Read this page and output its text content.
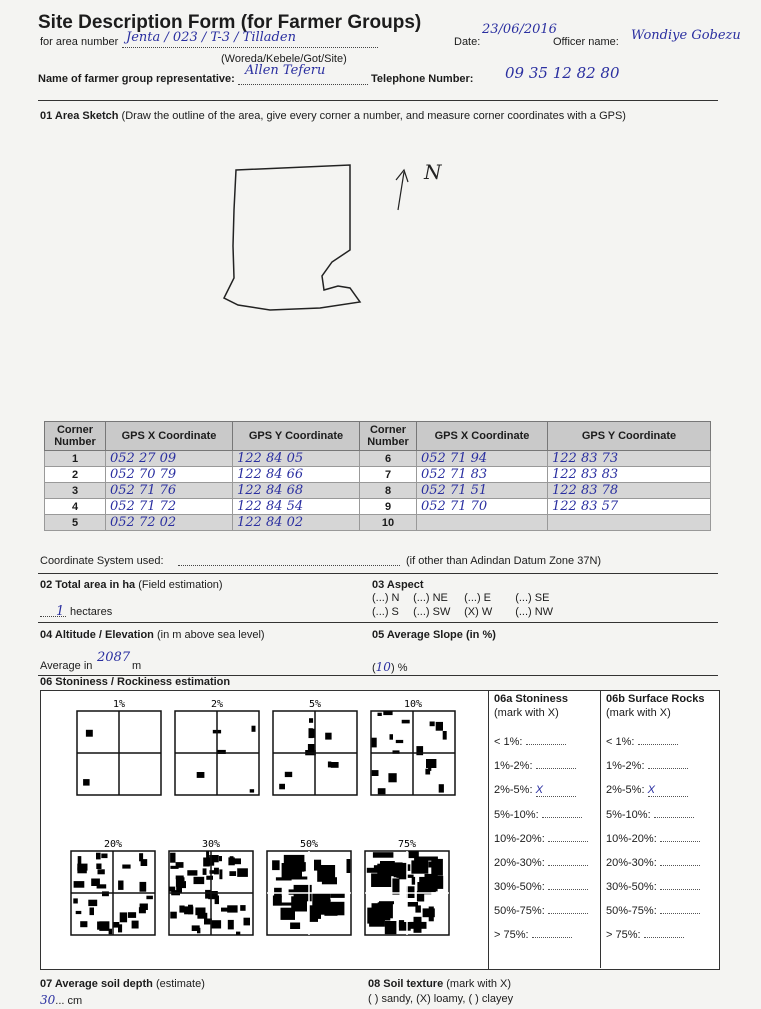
Site Description Form (for Farmer Groups)
for area number Jenta / 023 / T-3 / Tilladen
(Woreda/Kebele/Got/Site)
Date:
23/06/2016
Officer name: Wondiye Gobezu
Name of farmer group representative:
Allen Teferu
Telephone Number: 09 35 12 82 80
01 Area Sketch (Draw the outline of the area, give every corner a number, and measure corner coordinates with a GPS)
N
Corner Number	GPS X Coordinate	GPS Y Coordinate	Corner Number	GPS X Coordinate	GPS Y Coordinate
1	052 27 09	122 84 05	6	052 71 94	122 83 73
2	052 70 79	122 84 66	7	052 71 83	122 83 83
3	052 71 76	122 84 68	8	052 71 51	122 83 78
4	052 71 72	122 84 54	9	052 71 70	122 83 57
5	052 72 02	122 84 02	10		
Coordinate System used:	(if other than Adindan Datum Zone 37N)
02 Total area in ha (Field estimation)
1 hectares
03 Aspect
(...) N (...) NE (...) E (...) SE
(...) S (...) SW (X) W (...) NW
04 Altitude / Elevation (in m above sea level)
Average in
2087
m
05 Average Slope (in %)
(10) %
06 Stoniness / Rockiness estimation
1%	2%	5%	10%
20%	30%	50%	75%
06a Stoniness
(mark with X)
06b Surface Rocks
(mark with X)
< 1%:
1%-2%:
2%-5%: X
5%-10%:
10%-20%:
20%-30%:
30%-50%:
50%-75%:
> 75%:
< 1%:
1%-2%:
2%-5%: X
5%-10%:
10%-20%:
20%-30%:
30%-50%:
50%-75%:
> 75%:
07 Average soil depth (estimate)
30... cm
08 Soil texture (mark with X)
( ) sandy, (X) loamy, ( ) clayey
